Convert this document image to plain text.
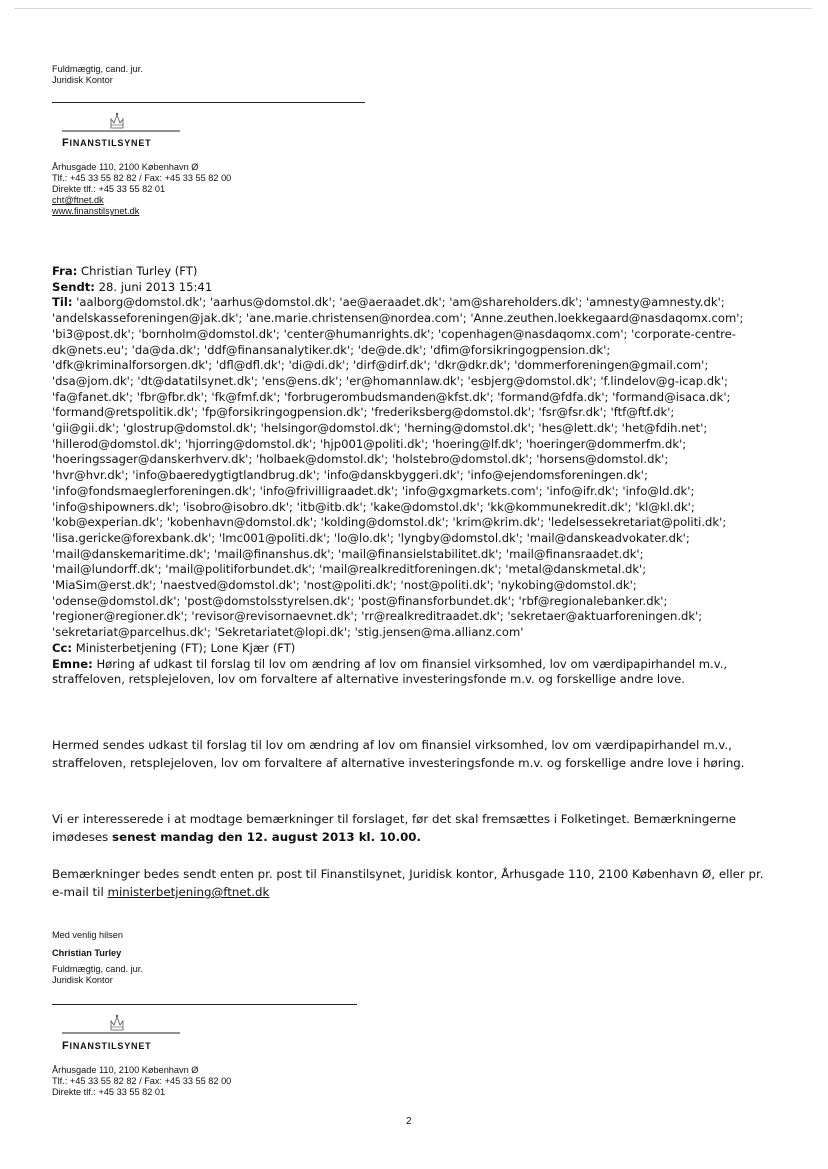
Fuldmægtig, cand. jur.
Juridisk Kontor
FINANSTILSYNET
Århusgade 110, 2100 København Ø
Tlf.: +45 33 55 82 82 / Fax: +45 33 55 82 00
Direkte tlf.: +45 33 55 82 01
cht@ftnet.dk
www.finanstilsynet.dk
Fra: Christian Turley (FT)
Sendt: 28. juni 2013 15:41
Til: 'aalborg@domstol.dk'; 'aarhus@domstol.dk'; 'ae@aeraadet.dk'; 'am@shareholders.dk'; 'amnesty@amnesty.dk';
'andelskasseforeningen@jak.dk'; 'ane.marie.christensen@nordea.com'; 'Anne.zeuthen.loekkegaard@nasdaqomx.com';
'bi3@post.dk'; 'bornholm@domstol.dk'; 'center@humanrights.dk'; 'copenhagen@nasdaqomx.com'; 'corporate-centre-
dk@nets.eu'; 'da@da.dk'; 'ddf@finansanalytiker.dk'; 'de@de.dk'; 'dfim@forsikringogpension.dk';
'dfk@kriminalforsorgen.dk'; 'dfl@dfl.dk'; 'di@di.dk'; 'dirf@dirf.dk'; 'dkr@dkr.dk'; 'dommerforeningen@gmail.com';
'dsa@jom.dk'; 'dt@datatilsynet.dk'; 'ens@ens.dk'; 'er@homannlaw.dk'; 'esbjerg@domstol.dk'; 'f.lindelov@g-icap.dk';
'fa@fanet.dk'; 'fbr@fbr.dk'; 'fk@fmf.dk'; 'forbrugerombudsmanden@kfst.dk'; 'formand@fdfa.dk'; 'formand@isaca.dk';
'formand@retspolitik.dk'; 'fp@forsikringogpension.dk'; 'frederiksberg@domstol.dk'; 'fsr@fsr.dk'; 'ftf@ftf.dk';
'gii@gii.dk'; 'glostrup@domstol.dk'; 'helsingor@domstol.dk'; 'herning@domstol.dk'; 'hes@lett.dk'; 'het@fdih.net';
'hillerod@domstol.dk'; 'hjorring@domstol.dk'; 'hjp001@politi.dk'; 'hoering@lf.dk'; 'hoeringer@dommerfm.dk';
'hoeringssager@danskerhverv.dk'; 'holbaek@domstol.dk'; 'holstebro@domstol.dk'; 'horsens@domstol.dk';
'hvr@hvr.dk'; 'info@baeredygtigtlandbrug.dk'; 'info@danskbyggeri.dk'; 'info@ejendomsforeningen.dk';
'info@fondsmaeglerforeningen.dk'; 'info@frivilligraadet.dk'; 'info@gxgmarkets.com'; 'info@ifr.dk'; 'info@ld.dk';
'info@shipowners.dk'; 'isobro@isobro.dk'; 'itb@itb.dk'; 'kake@domstol.dk'; 'kk@kommunekredit.dk'; 'kl@kl.dk';
'kob@experian.dk'; 'kobenhavn@domstol.dk'; 'kolding@domstol.dk'; 'krim@krim.dk'; 'ledelsessekretariat@politi.dk';
'lisa.gericke@forexbank.dk'; 'lmc001@politi.dk'; 'lo@lo.dk'; 'lyngby@domstol.dk'; 'mail@danskeadvokater.dk';
'mail@danskemaritime.dk'; 'mail@finanshus.dk'; 'mail@finansielstabilitet.dk'; 'mail@finansraadet.dk';
'mail@lundorff.dk'; 'mail@politiforbundet.dk'; 'mail@realkreditforeningen.dk'; 'metal@danskmetal.dk';
'MiaSim@erst.dk'; 'naestved@domstol.dk'; 'nost@politi.dk'; 'nost@politi.dk'; 'nykobing@domstol.dk';
'odense@domstol.dk'; 'post@domstolsstyrelsen.dk'; 'post@finansforbundet.dk'; 'rbf@regionalebanker.dk';
'regioner@regioner.dk'; 'revisor@revisornaevnet.dk'; 'rr@realkreditraadet.dk'; 'sekretaer@aktuarforeningen.dk';
'sekretariat@parcelhus.dk'; 'Sekretariatet@lopi.dk'; 'stig.jensen@ma.allianz.com'
Cc: Ministerbetjening (FT); Lone Kjær (FT)
Emne: Høring af udkast til forslag til lov om ændring af lov om finansiel virksomhed, lov om værdipapirhandel m.v., straffeloven, retsplejeloven, lov om forvaltere af alternative investeringsfonde m.v. og forskellige andre love.
Hermed sendes udkast til forslag til lov om ændring af lov om finansiel virksomhed, lov om værdipapirhandel m.v., straffeloven, retsplejeloven, lov om forvaltere af alternative investeringsfonde m.v. og forskellige andre love i høring.
Vi er interesserede i at modtage bemærkninger til forslaget, før det skal fremsættes i Folketinget. Bemærkningerne imødeses senest mandag den 12. august 2013 kl. 10.00.
Bemærkninger bedes sendt enten pr. post til Finanstilsynet, Juridisk kontor, Århusgade 110, 2100 København Ø, eller pr. e-mail til ministerbetjening@ftnet.dk
Med venlig hilsen
Christian Turley
Fuldmægtig, cand. jur.
Juridisk Kontor
FINANSTILSYNET
Århusgade 110, 2100 København Ø
Tlf.: +45 33 55 82 82 / Fax: +45 33 55 82 00
Direkte tlf.: +45 33 55 82 01
2
